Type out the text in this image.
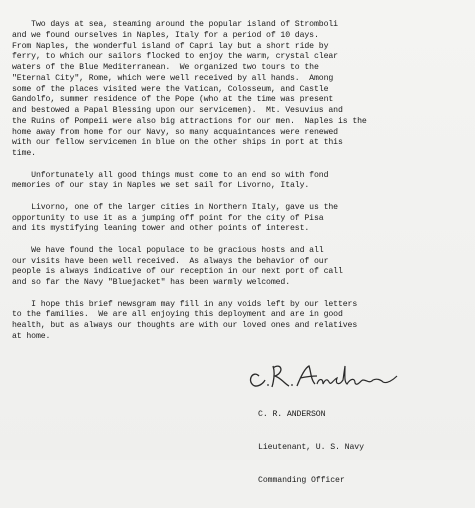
Two days at sea, steaming around the popular island of Stromboli
and we found ourselves in Naples, Italy for a period of 10 days.
From Naples, the wonderful island of Capri lay but a short ride by
ferry, to which our sailors flocked to enjoy the warm, crystal clear
waters of the Blue Mediterranean.  We organized two tours to the
"Eternal City", Rome, which were well received by all hands.  Among
some of the places visited were the Vatican, Colosseum, and Castle
Gandolfo, summer residence of the Pope (who at the time was present
and bestowed a Papal Blessing upon our servicemen).  Mt. Vesuvius and
the Ruins of Pompeii were also big attractions for our men.  Naples is the
home away from home for our Navy, so many acquaintances were renewed
with our fellow servicemen in blue on the other ships in port at this
time.
Unfortunately all good things must come to an end so with fond
memories of our stay in Naples we set sail for Livorno, Italy.
Livorno, one of the larger cities in Northern Italy, gave us the
opportunity to use it as a jumping off point for the city of Pisa
and its mystifying leaning tower and other points of interest.
We have found the local populace to be gracious hosts and all
our visits have been well received.  As always the behavior of our
people is always indicative of our reception in our next port of call
and so far the Navy "Bluejacket" has been warmly welcomed.
I hope this brief newsgram may fill in any voids left by our letters
to the families.  We are all enjoying this deployment and are in good
health, but as always our thoughts are with our loved ones and relatives
at home.

C. R. ANDERSON

Lieutenant, U. S. Navy

Commanding Officer
